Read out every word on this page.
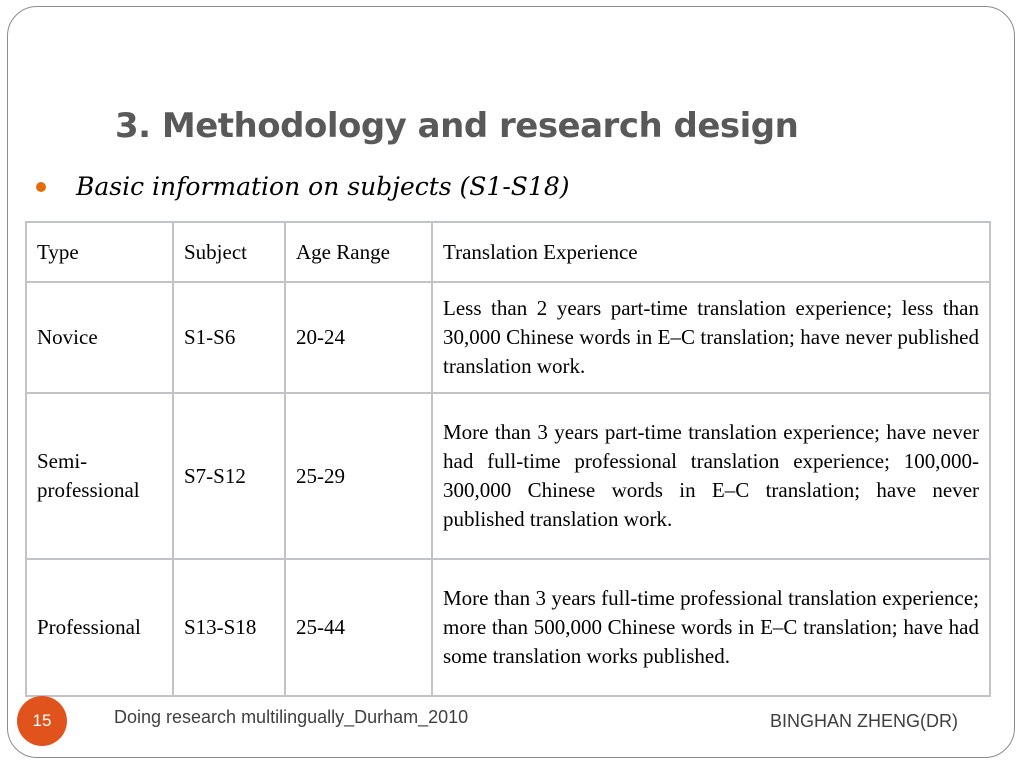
3. Methodology and research design
Basic information on subjects (S1-S18)
Type	Subject	Age Range	Translation Experience
Novice	S1-S6	20-24	Less than 2 years part-time translation experience; less than 30,000 Chinese words in E–C translation; have never published translation work.
Semi-professional	S7-S12	25-29	More than 3 years part-time translation experience; have never had full-time professional translation experience; 100,000-300,000 Chinese words in E–C translation; have never published translation work.
Professional	S13-S18	25-44	More than 3 years full-time professional translation experience; more than 500,000 Chinese words in E–C translation; have had some translation works published.
15	Doing research multilingually_Durham_2010	BINGHAN ZHENG(DR)
